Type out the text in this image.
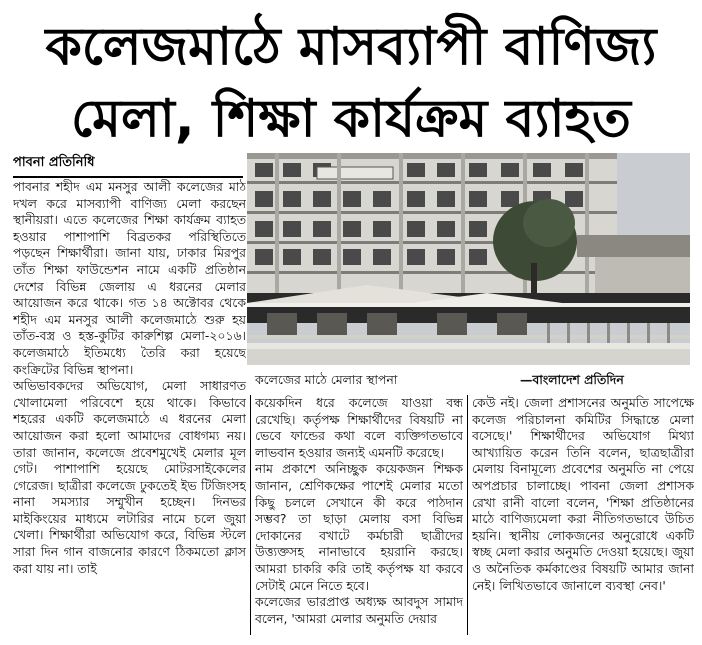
কলেজমাঠে মাসব্যাপী বাণিজ্য
মেলা, শিক্ষা কার্যক্রম ব্যাহত
পাবনা প্রতিনিধি

পাবনার শহীদ এম মনসুর আলী কলেজের মাঠ দখল করে মাসব্যাপী বাণিজ্য মেলা করছেন স্থানীয়রা। এতে কলেজের শিক্ষা কার্যক্রম ব্যাহত হওয়ার পাশাপাশি বিব্রতকর পরিস্থিতিতে পড়ছেন শিক্ষার্থীরা। জানা যায়, ঢাকার মিরপুর তাঁত শিক্ষা ফাউন্ডেশন নামে একটি প্রতিষ্ঠান দেশের বিভিন্ন জেলায় এ ধরনের মেলার আয়োজন করে থাকে। গত ১৪ অক্টোবর থেকে শহীদ এম মনসুর আলী কলেজমাঠে শুরু হয় তাঁত-বস্ত্র ও হস্ত-কুটির কারুশিল্প মেলা-২০১৬। কলেজমাঠে ইতিমধ্যে তৈরি করা হয়েছে কংক্রিটের বিভিন্ন স্থাপনা।

অভিভাবকদের অভিযোগ, মেলা সাধারণত খোলামেলা পরিবেশে হয়ে থাকে। কিভাবে শহরের একটি কলেজমাঠে এ ধরনের মেলা আয়োজন করা হলো আমাদের বোধগম্য নয়। তারা জানান, কলেজে প্রবেশমুখেই মেলার মূল গেট। পাশাপাশি হয়েছে মোটরসাইকেলের গেরেজ। ছাত্রীরা কলেজে ঢুকতেই ইভ টিজিংসহ নানা সমস্যার সম্মুখীন হচ্ছেন। দিনভর মাইকিংয়ের মাধ্যমে লটারির নামে চলে জুয়া খেলা। শিক্ষার্থীরা অভিযোগ করে, বিভিন্ন স্টলে সারা দিন গান বাজনোর কারণে ঠিকমতো ক্লাস করা যায় না। তাই

কলেজের মাঠে মেলার স্থাপনা	—বাংলাদেশ প্রতিদিন

কয়েকদিন ধরে কলেজে যাওয়া বন্ধ রেখেছি। কর্তৃপক্ষ শিক্ষার্থীদের বিষয়টি না ভেবে ফান্ডের কথা বলে ব্যক্তিগতভাবে লাভবান হওয়ার জন্যই এমনটি করেছে।

নাম প্রকাশে অনিচ্ছুক কয়েকজন শিক্ষক জানান, শ্রেণিকক্ষের পাশেই মেলার মতো কিছু চললে সেখানে কী করে পাঠদান সম্ভব? তা ছাড়া মেলায় বসা বিভিন্ন দোকানের বখাটে কর্মচারী ছাত্রীদের উত্ত্যক্তসহ নানাভাবে হয়রানি করছে। আমরা চাকরি করি তাই কর্তৃপক্ষ যা করবে সেটাই মেনে নিতে হবে।

কলেজের ভারপ্রাপ্ত অধ্যক্ষ আবদুস সামাদ বলেন, 'আমরা মেলার অনুমতি দেয়ার

কেউ নই। জেলা প্রশাসনের অনুমতি সাপেক্ষে কলেজ পরিচালনা কমিটির সিদ্ধান্তে মেলা বসেছে।' শিক্ষার্থীদের অভিযোগ মিথ্যা আখ্যায়িত করেন তিনি বলেন, ছাত্রছাত্রীরা মেলায় বিনামূল্যে প্রবেশের অনুমতি না পেয়ে অপপ্রচার চালাচ্ছে। পাবনা জেলা প্রশাসক রেখা রানী বালো বলেন, 'শিক্ষা প্রতিষ্ঠানের মাঠে বাণিজ্যমেলা করা নীতিগতভাবে উচিত হয়নি। স্থানীয় লোকজনের অনুরোধে একটি স্বচ্ছ মেলা করার অনুমতি দেওয়া হয়েছে। জুয়া ও অনৈতিক কর্মকাণ্ডের বিষয়টি আমার জানা নেই। লিখিতভাবে জানালে ব্যবস্থা নেব।'
